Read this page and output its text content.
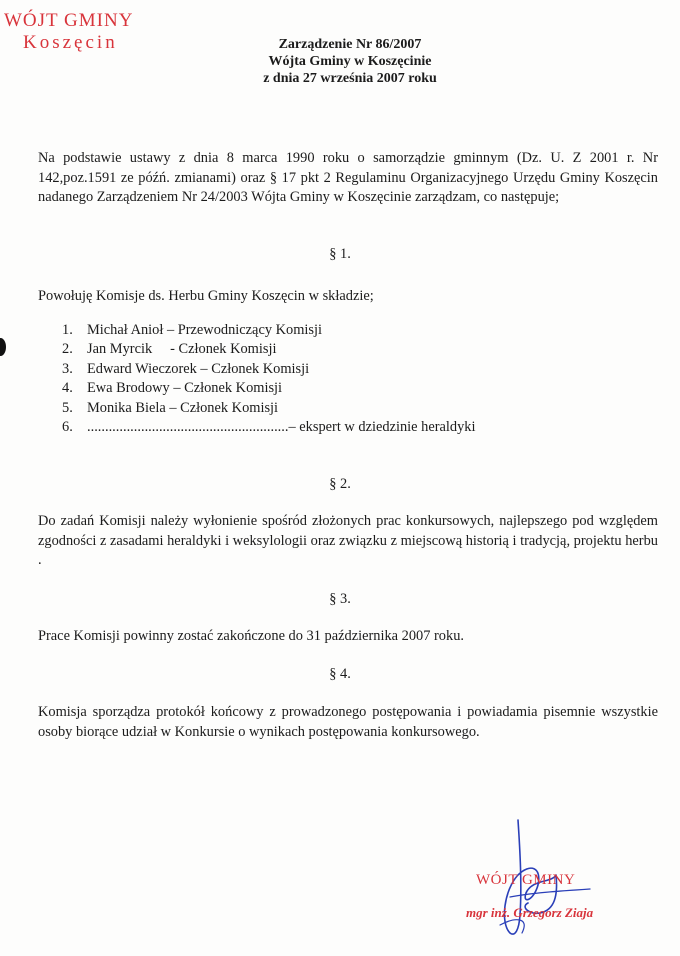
WÓJT GMINY
Koszęcin	Zarządzenie Nr 86/2007
Wójta Gminy w Koszęcinie
z dnia 27 września 2007 roku
Na podstawie ustawy z dnia 8 marca 1990 roku o samorządzie gminnym (Dz. U. Z 2001 r. Nr 142,poz.1591 ze późń. zmianami) oraz § 17 pkt 2 Regulaminu Organizacyjnego Urzędu Gminy Koszęcin nadanego Zarządzeniem Nr 24/2003 Wójta Gminy w Koszęcinie zarządzam, co następuje;
§ 1.
Powołuję Komisje ds. Herbu Gminy Koszęcin w składzie;
1. Michał Anioł – Przewodniczący Komisji
2. Jan Myrcik     - Członek Komisji
3. Edward Wieczorek – Członek Komisji
4. Ewa Brodowy – Członek Komisji
5. Monika Biela – Członek Komisji
6. ........................................................– ekspert w dziedzinie heraldyki
§ 2.
Do zadań Komisji należy wyłonienie spośród złożonych prac konkursowych, najlepszego pod względem zgodności z zasadami heraldyki i weksylologii oraz związku z miejscową historią i tradycją, projektu herbu .
§ 3.
Prace Komisji powinny zostać zakończone do 31 października 2007 roku.
§ 4.
Komisja sporządza protokół końcowy z prowadzonego postępowania i powiadamia pisemnie wszystkie osoby biorące udział w Konkursie o wynikach postępowania konkursowego.
WÓJT GMINY
mgr inż. Grzegorz Ziaja
